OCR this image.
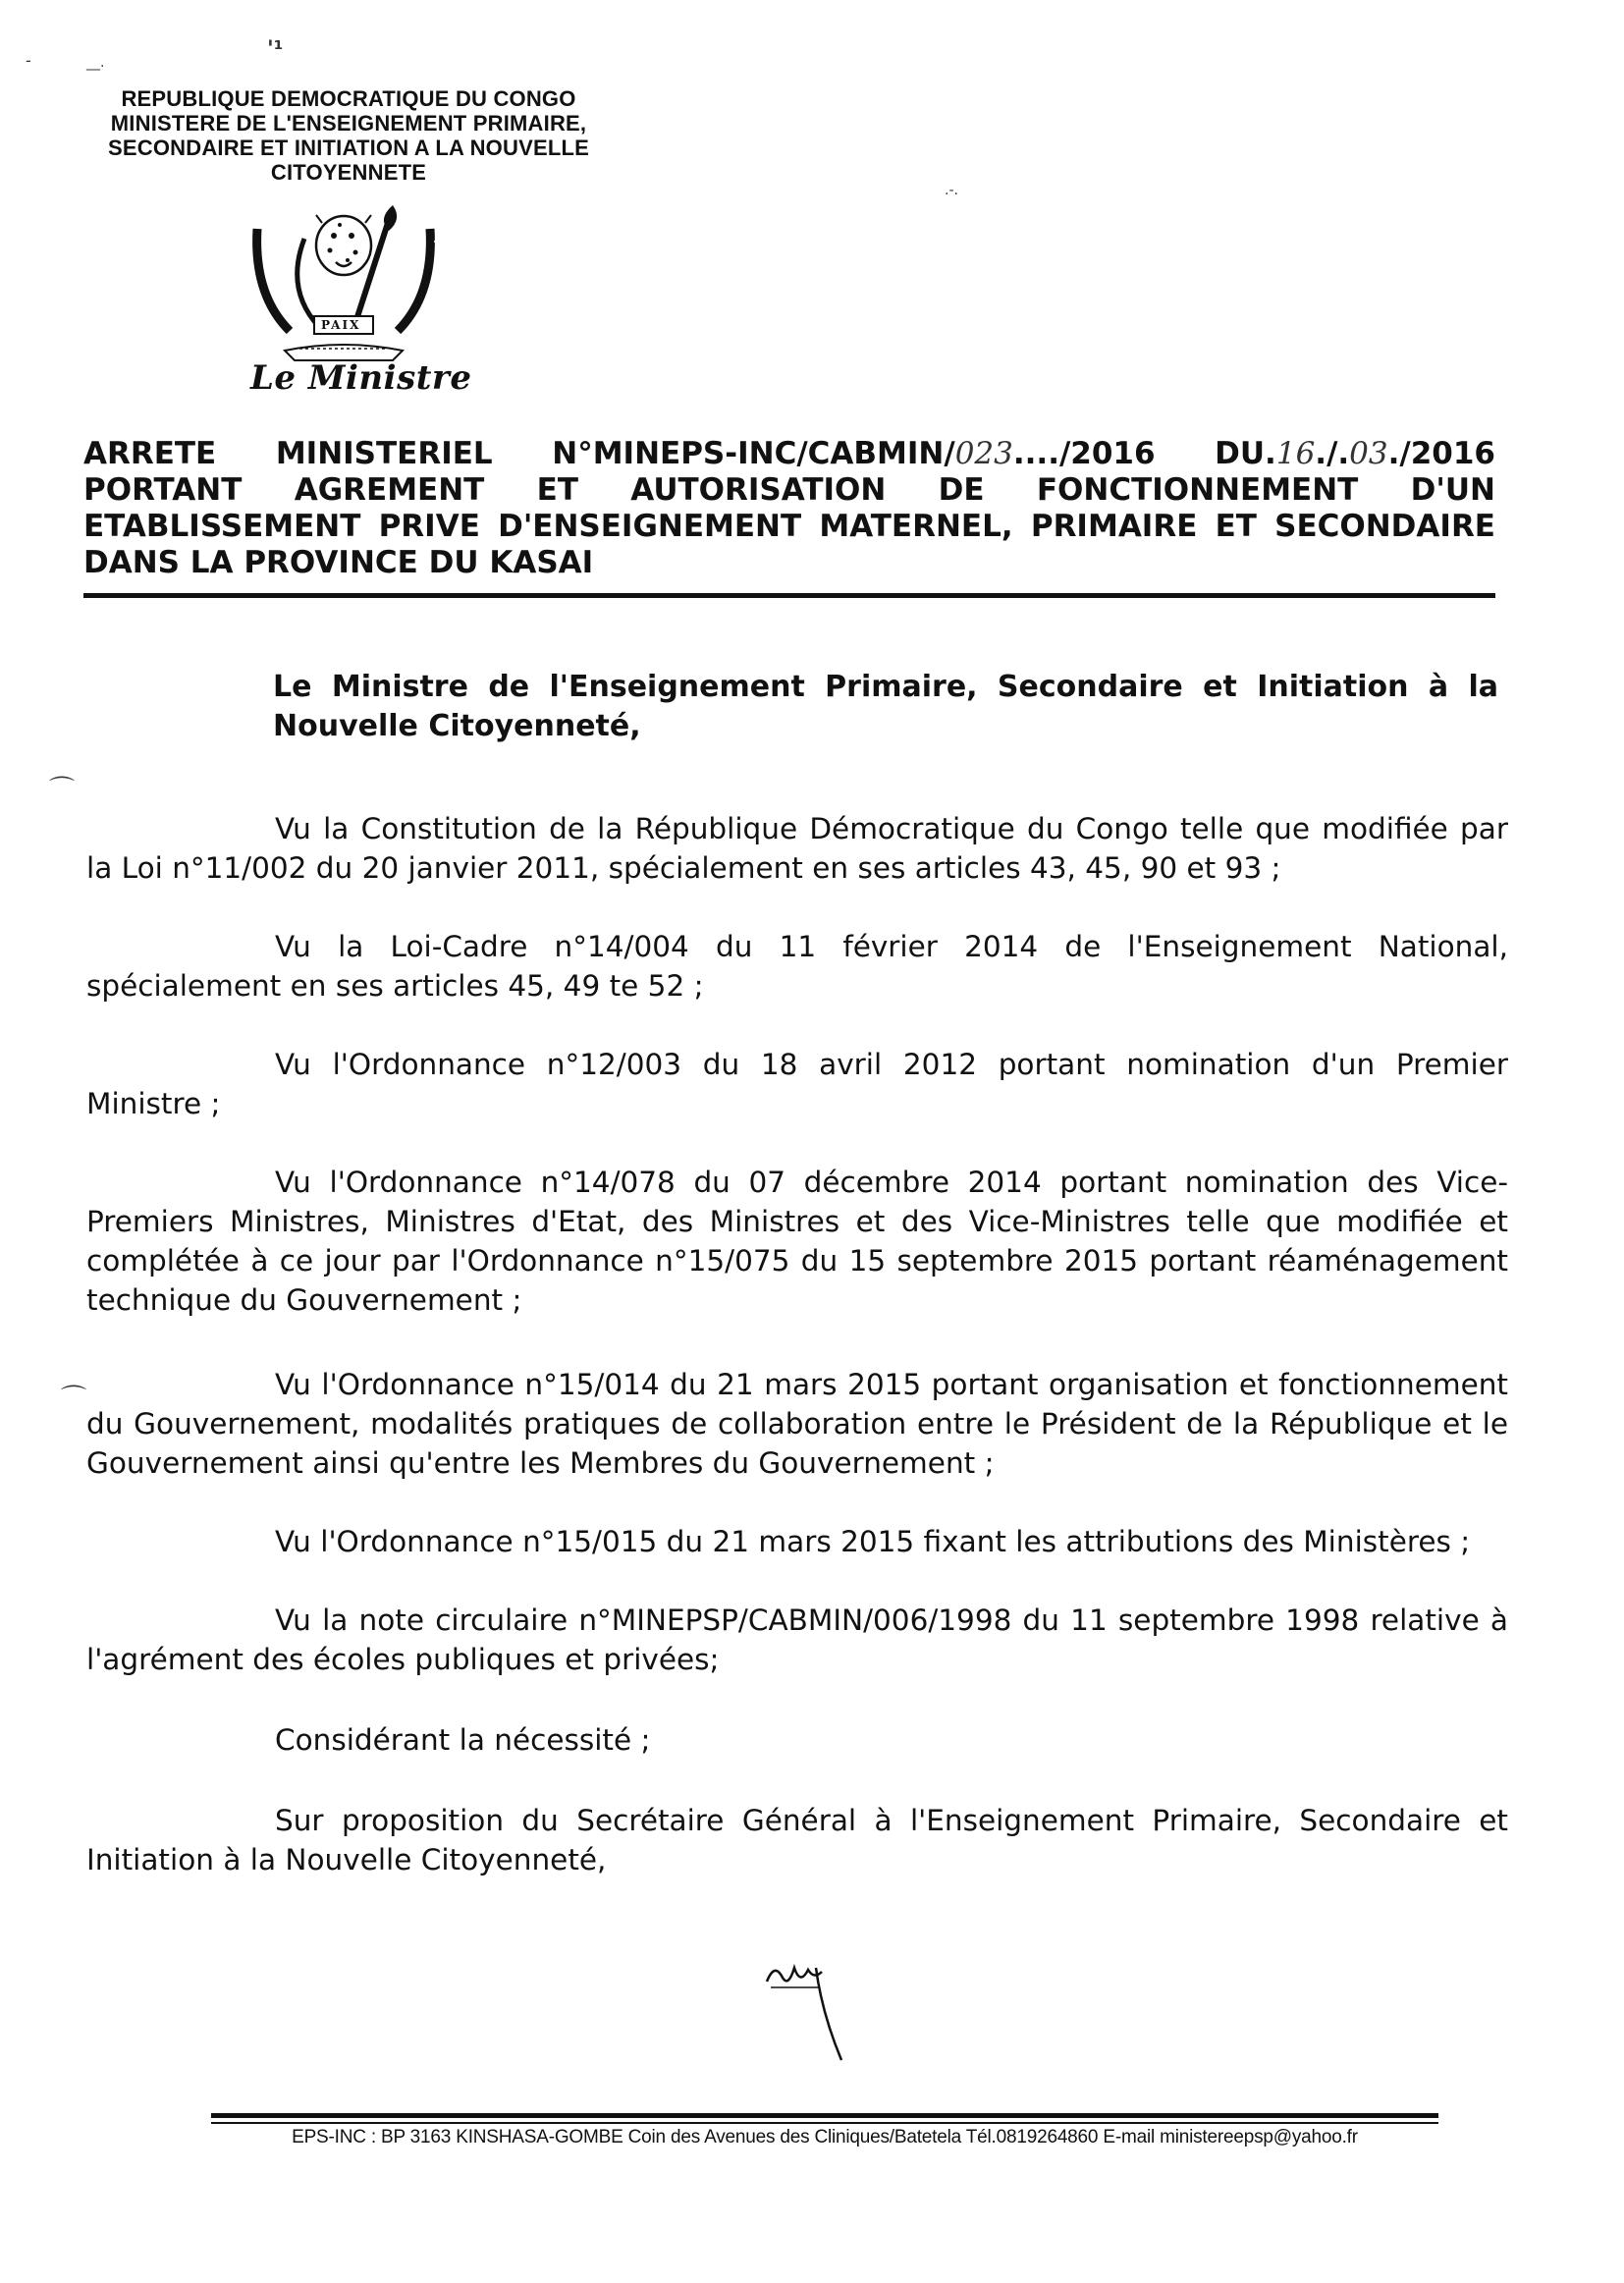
-	__.
'¹
.-.
REPUBLIQUE DEMOCRATIQUE DU CONGO
MINISTERE DE L'ENSEIGNEMENT PRIMAIRE,
SECONDAIRE ET INITIATION A LA NOUVELLE
CITOYENNETE
JUSTICE
PAIX
TRAVAIL
Le Ministre
ARRETE MINISTERIEL N°MINEPS-INC/CABMIN/023..../2016 DU.16./.03./2016
PORTANT AGREMENT ET AUTORISATION DE FONCTIONNEMENT D'UN
ETABLISSEMENT PRIVE D'ENSEIGNEMENT MATERNEL, PRIMAIRE ET SECONDAIRE
DANS LA PROVINCE DU KASAI
Le Ministre de l'Enseignement Primaire, Secondaire et Initiation à la Nouvelle Citoyenneté,
⌒
⌒

Vu la Constitution de la République Démocratique du Congo telle que modifiée par la Loi n°11/002 du 20 janvier 2011, spécialement en ses articles 43, 45, 90 et 93 ;

Vu la Loi-Cadre n°14/004 du 11 février 2014 de l'Enseignement National, spécialement en ses articles 45, 49 te 52 ;

Vu l'Ordonnance n°12/003 du 18 avril 2012 portant nomination d'un Premier Ministre ;

Vu l'Ordonnance n°14/078 du 07 décembre 2014 portant nomination des Vice-Premiers Ministres, Ministres d'Etat, des Ministres et des Vice-Ministres telle que modifiée et complétée à ce jour par l'Ordonnance n°15/075 du 15 septembre 2015 portant réaménagement technique du Gouvernement ;

Vu l'Ordonnance n°15/014 du 21 mars 2015 portant organisation et fonctionnement du Gouvernement, modalités pratiques de collaboration entre le Président de la République et le Gouvernement ainsi qu'entre les Membres du Gouvernement ;

Vu l'Ordonnance n°15/015 du 21 mars 2015 fixant les attributions des Ministères ;

Vu la note circulaire n°MINEPSP/CABMIN/006/1998 du 11 septembre 1998 relative à l'agrément des écoles publiques et privées;

Considérant la nécessité ;

Sur proposition du Secrétaire Général à l'Enseignement Primaire, Secondaire et Initiation à la Nouvelle Citoyenneté,

EPS-INC : BP 3163 KINSHASA-GOMBE Coin des Avenues des Cliniques/Batetela Tél.0819264860 E-mail ministereepsp@yahoo.fr
